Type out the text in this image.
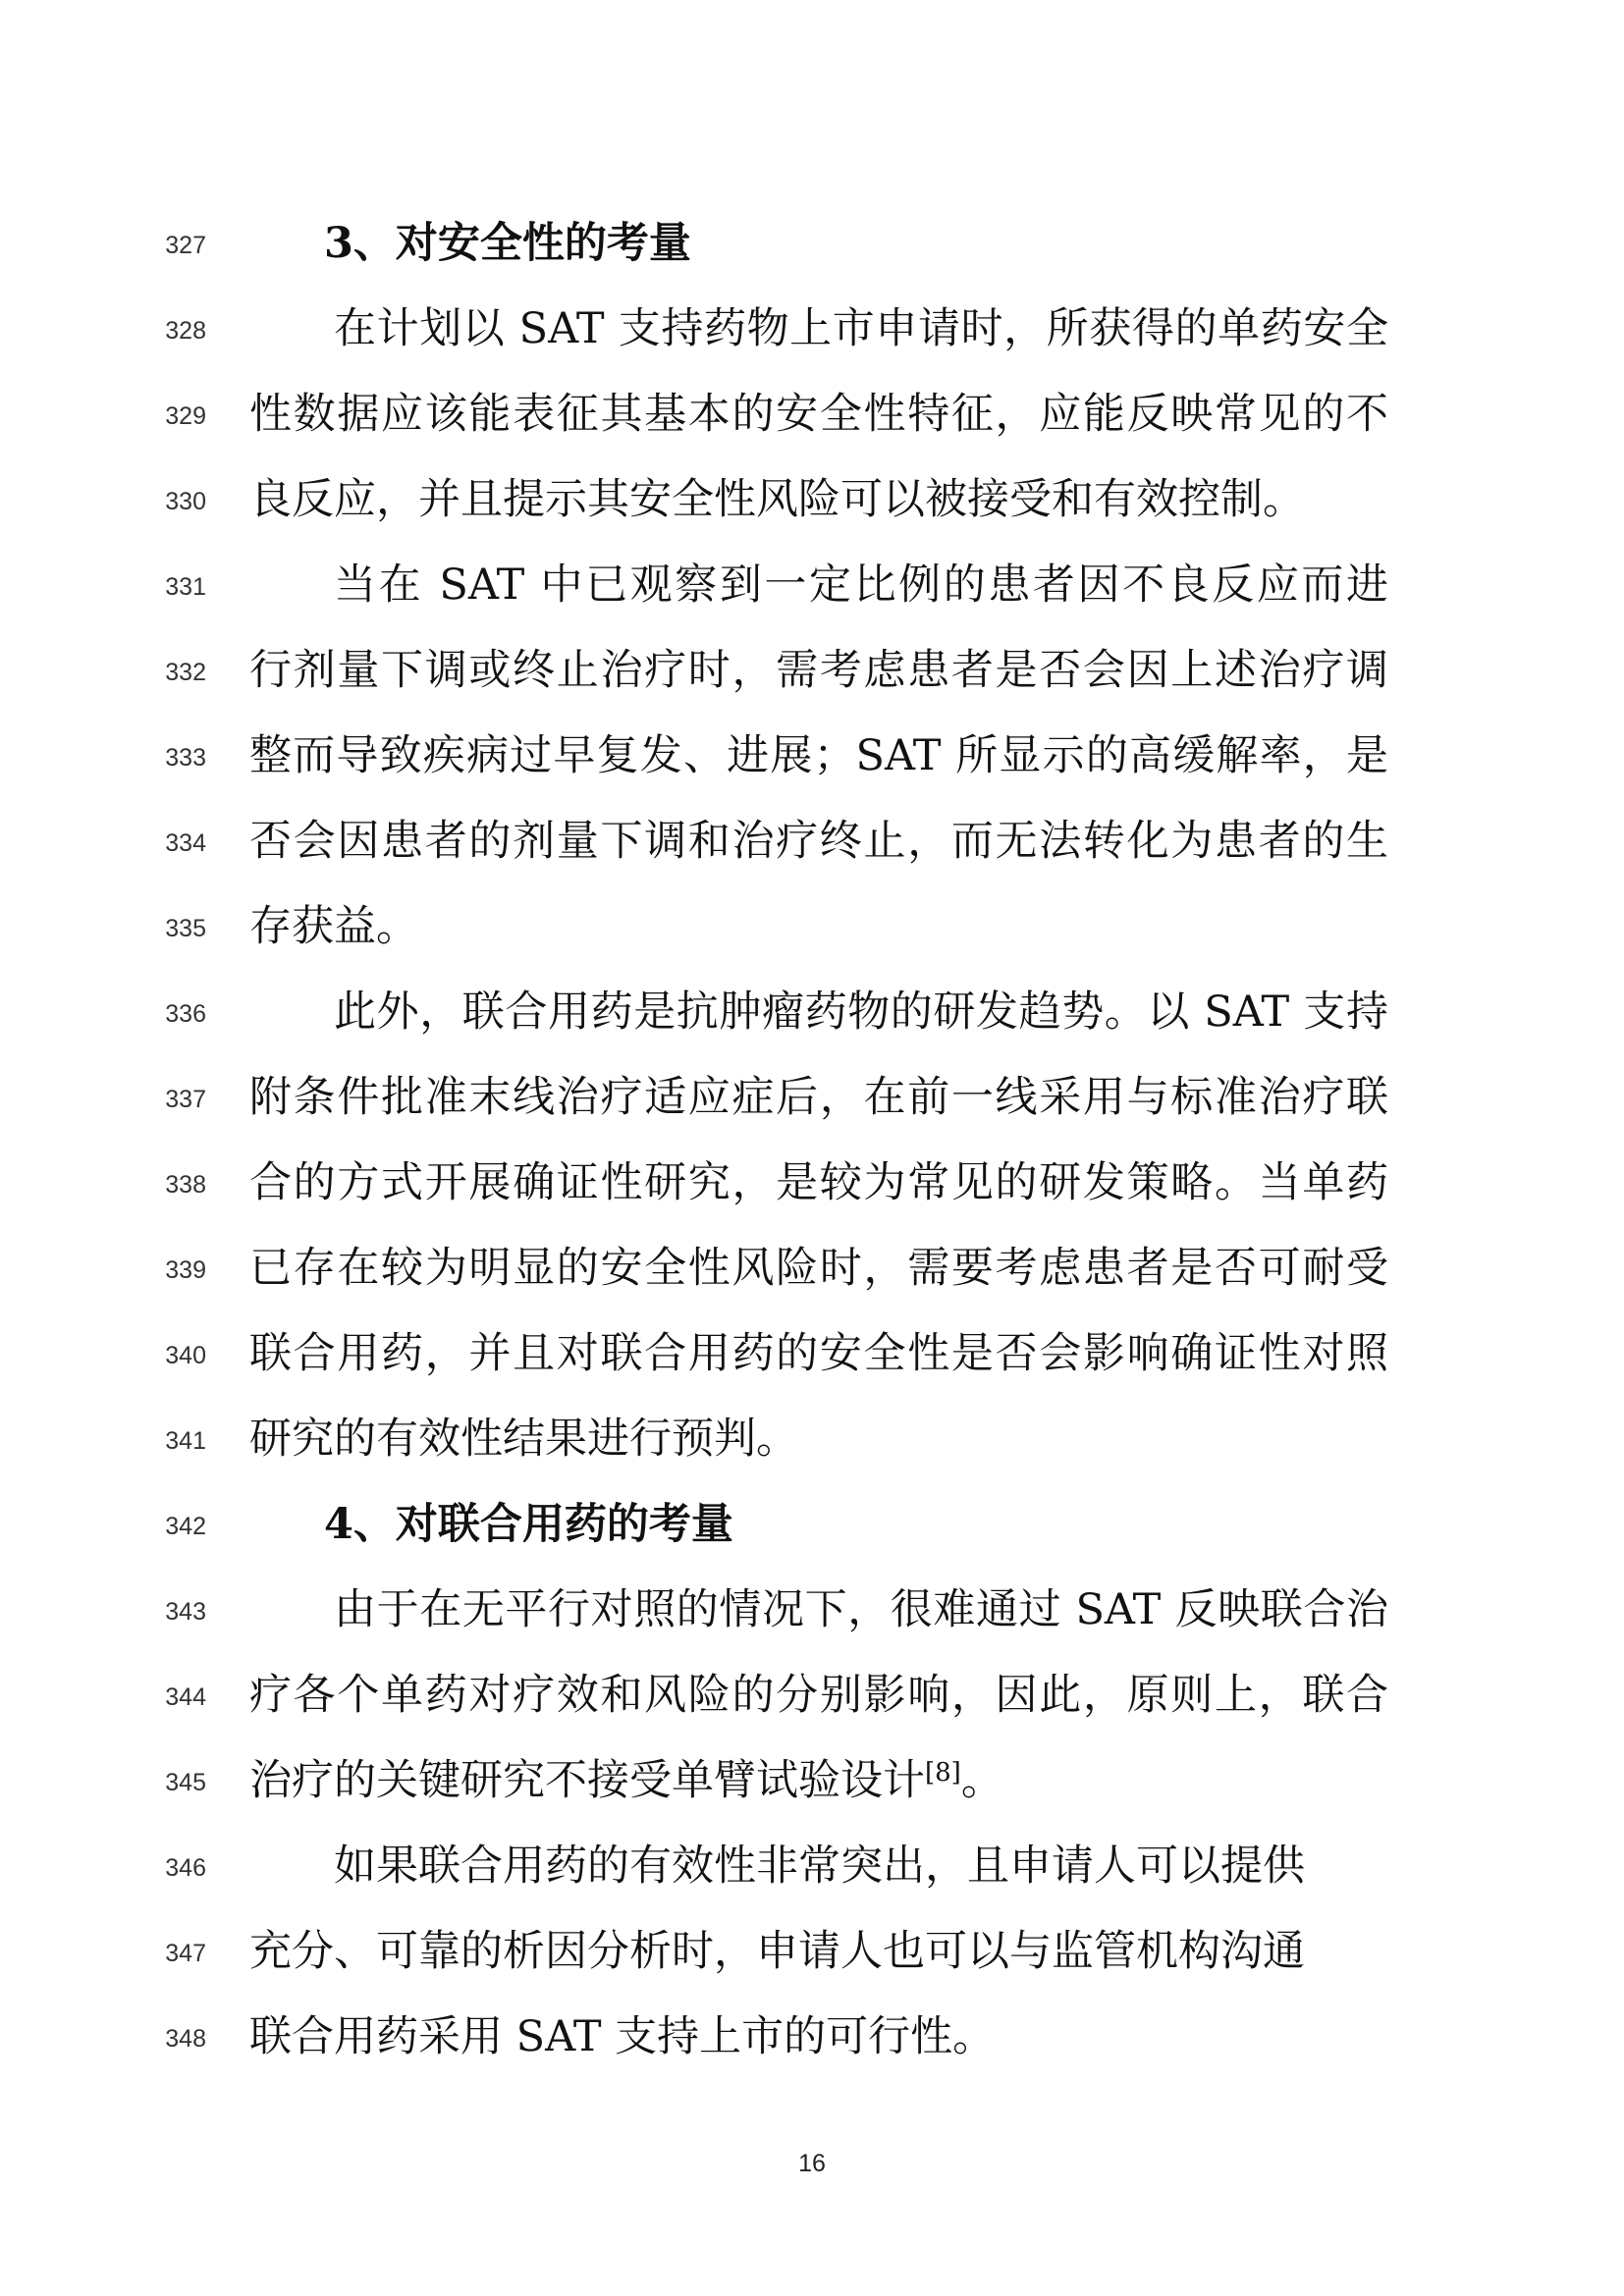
327	3、对安全性的考量
328	在计划以 SAT 支持药物上市申请时，所获得的单药安全
329 性数据应该能表征其基本的安全性特征，应能反映常见的不
330 良反应，并且提示其安全性风险可以被接受和有效控制。
331	当在 SAT 中已观察到一定比例的患者因不良反应而进
332 行剂量下调或终止治疗时，需考虑患者是否会因上述治疗调
333 整而导致疾病过早复发、进展；SAT 所显示的高缓解率，是
334 否会因患者的剂量下调和治疗终止，而无法转化为患者的生
335 存获益。
336	此外，联合用药是抗肿瘤药物的研发趋势。以 SAT 支持
337 附条件批准末线治疗适应症后，在前一线采用与标准治疗联
338 合的方式开展确证性研究，是较为常见的研发策略。当单药
339 已存在较为明显的安全性风险时，需要考虑患者是否可耐受
340 联合用药，并且对联合用药的安全性是否会影响确证性对照
341 研究的有效性结果进行预判。
342	4、对联合用药的考量
343	由于在无平行对照的情况下，很难通过 SAT 反映联合治
344 疗各个单药对疗效和风险的分别影响，因此，原则上，联合
345 治疗的关键研究不接受单臂试验设计[8]。
346	如果联合用药的有效性非常突出，且申请人可以提供
347 充分、可靠的析因分析时，申请人也可以与监管机构沟通
348 联合用药采用 SAT 支持上市的可行性。
16
